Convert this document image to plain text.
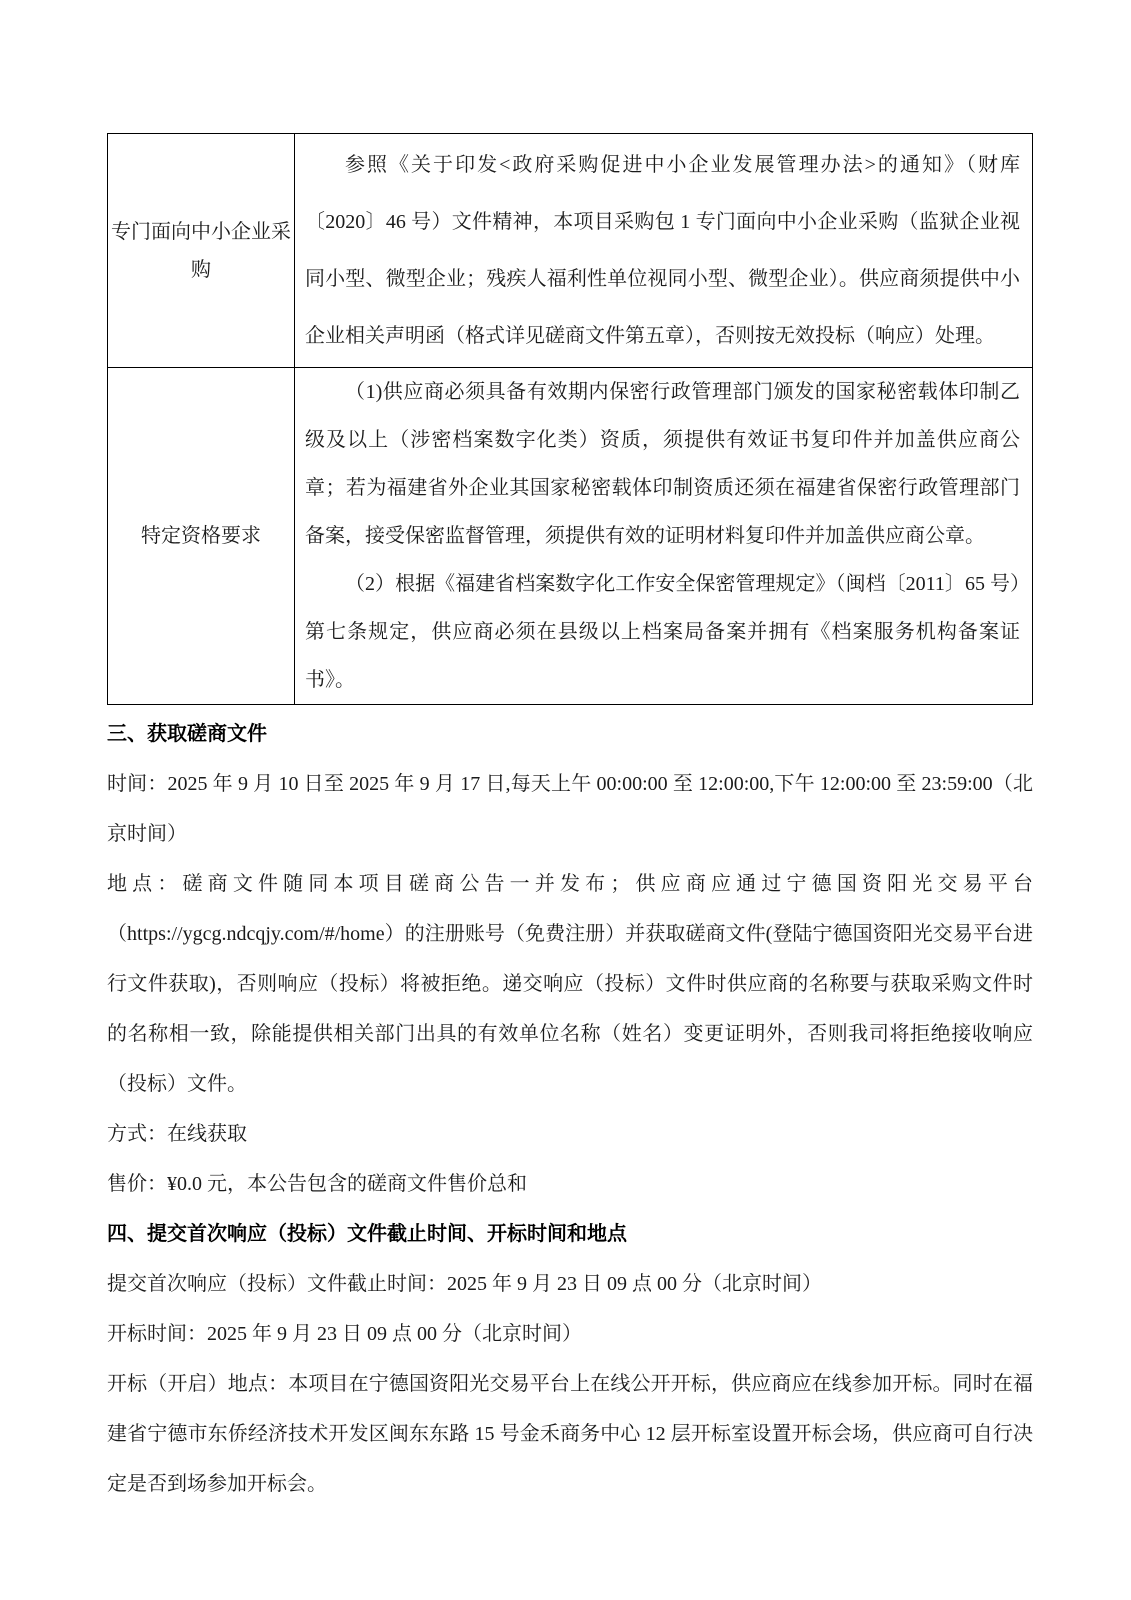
专门面向中小企业采购	参照《关于印发<政府采购促进中小企业发展管理办法>的通知》（财库〔2020〕46 号）文件精神，本项目采购包 1 专门面向中小企业采购（监狱企业视同小型、微型企业；残疾人福利性单位视同小型、微型企业）。供应商须提供中小企业相关声明函（格式详见磋商文件第五章），否则按无效投标（响应）处理。

特定资格要求	（1)供应商必须具备有效期内保密行政管理部门颁发的国家秘密载体印制乙级及以上（涉密档案数字化类）资质，须提供有效证书复印件并加盖供应商公章；若为福建省外企业其国家秘密载体印制资质还须在福建省保密行政管理部门备案，接受保密监督管理，须提供有效的证明材料复印件并加盖供应商公章。

（2）根据《福建省档案数字化工作安全保密管理规定》（闽档〔2011〕65 号）第七条规定，供应商必须在县级以上档案局备案并拥有《档案服务机构备案证书》。

三、获取磋商文件

时间：2025 年 9 月 10 日至 2025 年 9 月 17 日,每天上午 00:00:00 至 12:00:00,下午 12:00:00 至 23:59:00（北京时间）

地点：磋商文件随同本项目磋商公告一并发布；供应商应通过宁德国资阳光交易平台（https://ygcg.ndcqjy.com/#/home）的注册账号（免费注册）并获取磋商文件(登陆宁德国资阳光交易平台进行文件获取)，否则响应（投标）将被拒绝。递交响应（投标）文件时供应商的名称要与获取采购文件时的名称相一致，除能提供相关部门出具的有效单位名称（姓名）变更证明外，否则我司将拒绝接收响应（投标）文件。

方式：在线获取

售价：¥0.0 元，本公告包含的磋商文件售价总和

四、提交首次响应（投标）文件截止时间、开标时间和地点

提交首次响应（投标）文件截止时间：2025 年 9 月 23 日 09 点 00 分（北京时间）

开标时间：2025 年 9 月 23 日 09 点 00 分（北京时间）

开标（开启）地点：本项目在宁德国资阳光交易平台上在线公开开标，供应商应在线参加开标。同时在福建省宁德市东侨经济技术开发区闽东东路 15 号金禾商务中心 12 层开标室设置开标会场，供应商可自行决定是否到场参加开标会。
